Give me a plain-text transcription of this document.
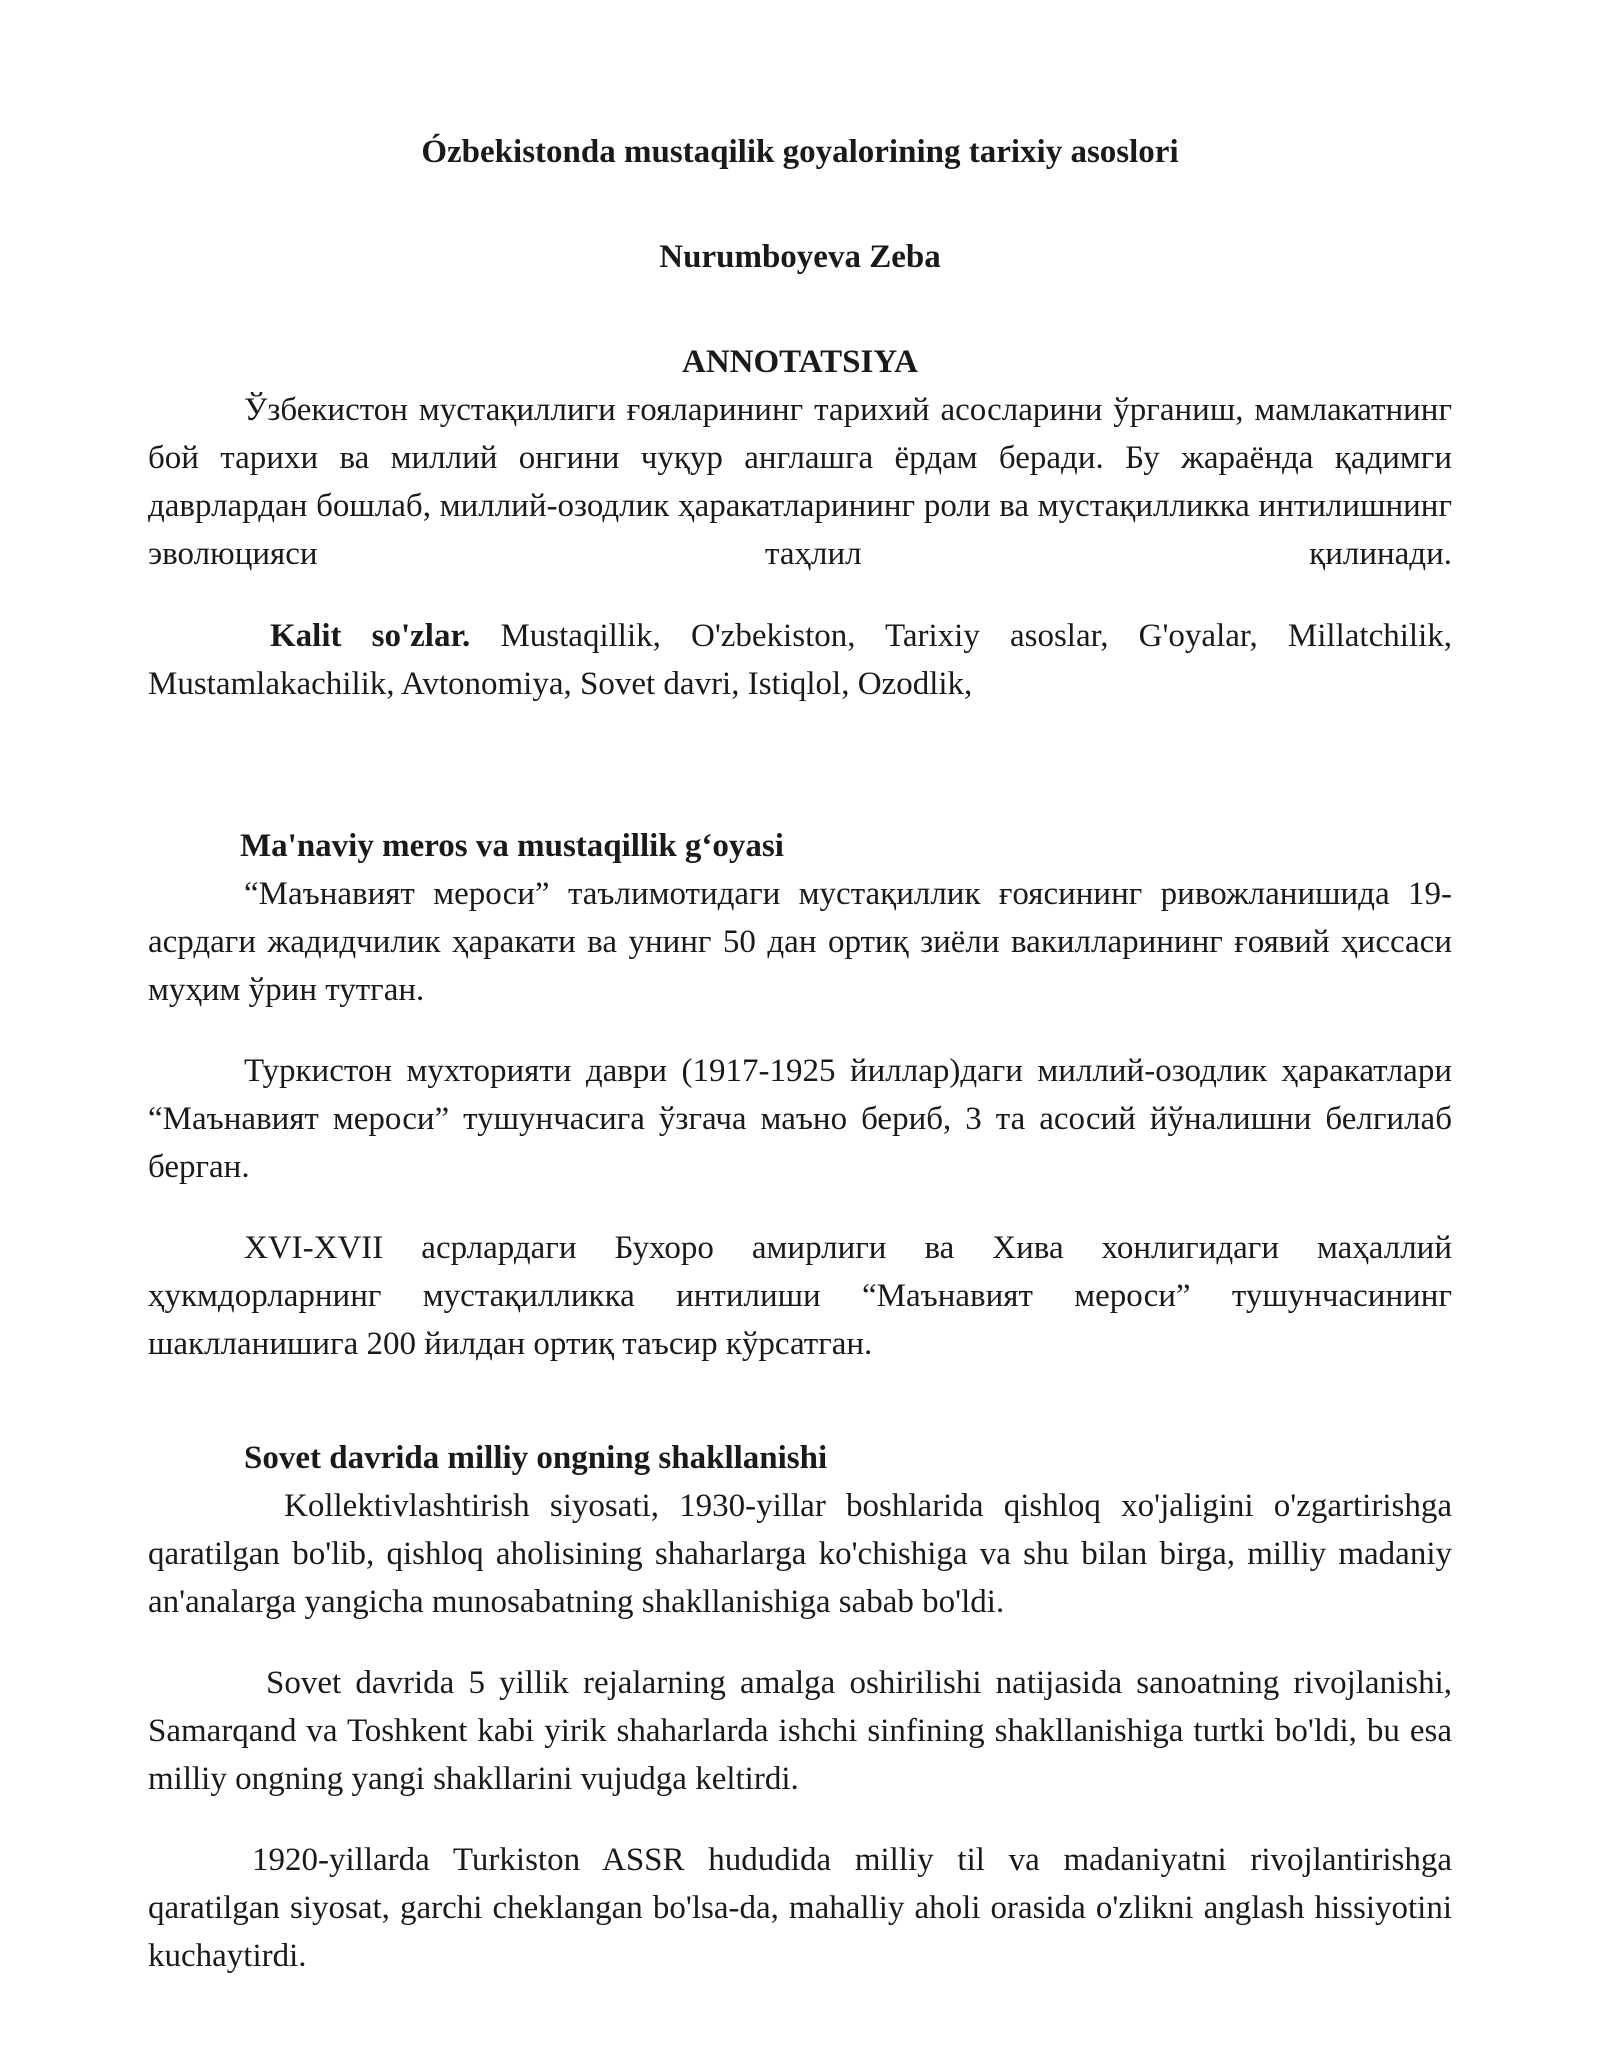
Ózbekistonda mustaqilik goyalorining tarixiy asoslori
Nurumboyeva Zeba
ANNOTATSIYA

Ўзбекистон мустақиллиги ғояларининг тарихий асосларини ўрганиш, мамлакатнинг бой тарихи ва миллий онгини чуқур англашга ёрдам беради. Бу жараёнда қадимги даврлардан бошлаб, миллий-озодлик ҳаракатларининг роли ва мустақилликка интилишнинг эволюцияси таҳлил қилинади.

Kalit so'zlar. Mustaqillik, O'zbekiston, Tarixiy asoslar, G'oyalar, Millatchilik, Mustamlakachilik, Avtonomiya, Sovet davri, Istiqlol, Ozodlik,

Ma'naviy meros va mustaqillik g‘oyasi

“Маънавият мероси” таълимотидаги мустақиллик ғоясининг ривожланишида 19-асрдаги жадидчилик ҳаракати ва унинг 50 дан ортиқ зиёли вакилларининг ғоявий ҳиссаси муҳим ўрин тутган.

Туркистон мухторияти даври (1917-1925 йиллар)даги миллий-озодлик ҳаракатлари “Маънавият мероси” тушунчасига ўзгача маъно бериб, 3 та асосий йўналишни белгилаб берган.

XVI-XVII асрлардаги Бухоро амирлиги ва Хива хонлигидаги маҳаллий ҳукмдорларнинг мустақилликка интилиши “Маънавият мероси” тушунчасининг шаклланишига 200 йилдан ортиқ таъсир кўрсатган.

Sovet davrida milliy ongning shakllanishi

Kollektivlashtirish siyosati, 1930-yillar boshlarida qishloq xo'jaligini o'zgartirishga qaratilgan bo'lib, qishloq aholisining shaharlarga ko'chishiga va shu bilan birga, milliy madaniy an'analarga yangicha munosabatning shakllanishiga sabab bo'ldi.

Sovet davrida 5 yillik rejalarning amalga oshirilishi natijasida sanoatning rivojlanishi, Samarqand va Toshkent kabi yirik shaharlarda ishchi sinfining shakllanishiga turtki bo'ldi, bu esa milliy ongning yangi shakllarini vujudga keltirdi.

1920-yillarda Turkiston ASSR hududida milliy til va madaniyatni rivojlantirishga qaratilgan siyosat, garchi cheklangan bo'lsa-da, mahalliy aholi orasida o'zlikni anglash hissiyotini kuchaytirdi.
